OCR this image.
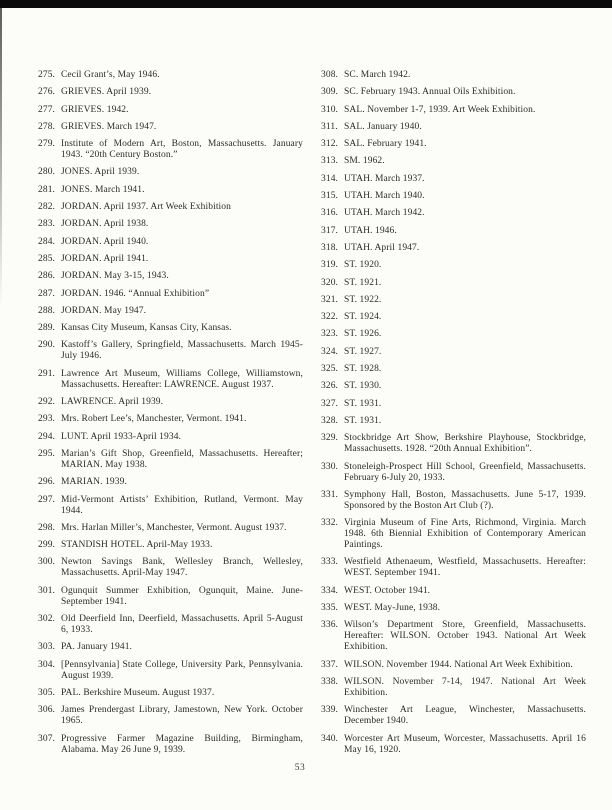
275. Cecil Grant’s, May 1946.
276. GRIEVES. April 1939.
277. GRIEVES. 1942.
278. GRIEVES. March 1947.
279. Institute of Modern Art, Boston, Massachusetts. January 1943. “20th Century Boston.”
280. JONES. April 1939.
281. JONES. March 1941.
282. JORDAN. April 1937. Art Week Exhibition
283. JORDAN. April 1938.
284. JORDAN. April 1940.
285. JORDAN. April 1941.
286. JORDAN. May 3-15, 1943.
287. JORDAN. 1946. “Annual Exhibition”
288. JORDAN. May 1947.
289. Kansas City Museum, Kansas City, Kansas.
290. Kastoff’s Gallery, Springfield, Massachusetts. March 1945-July 1946.
291. Lawrence Art Museum, Williams College, Williamstown, Massachusetts. Hereafter: LAWRENCE. August 1937.
292. LAWRENCE. April 1939.
293. Mrs. Robert Lee’s, Manchester, Vermont. 1941.
294. LUNT. April 1933-April 1934.
295. Marian’s Gift Shop, Greenfield, Massachusetts. Hereafter; MARIAN. May 1938.
296. MARIAN. 1939.
297. Mid-Vermont Artists’ Exhibition, Rutland, Vermont. May 1944.
298. Mrs. Harlan Miller’s, Manchester, Vermont. August 1937.
299. STANDISH HOTEL. April-May 1933.
300. Newton Savings Bank, Wellesley Branch, Wellesley, Massachusetts. April-May 1947.
301. Ogunquit Summer Exhibition, Ogunquit, Maine. June-September 1941.
302. Old Deerfield Inn, Deerfield, Massachusetts. April 5-August 6, 1933.
303. PA. January 1941.
304. [Pennsylvania] State College, University Park, Pennsylvania. August 1939.
305. PAL. Berkshire Museum. August 1937.
306. James Prendergast Library, Jamestown, New York. October 1965.
307. Progressive Farmer Magazine Building, Birmingham, Alabama. May 26 June 9, 1939.
308. SC. March 1942.
309. SC. February 1943. Annual Oils Exhibition.
310. SAL. November 1-7, 1939. Art Week Exhibition.
311. SAL. January 1940.
312. SAL. February 1941.
313. SM. 1962.
314. UTAH. March 1937.
315. UTAH. March 1940.
316. UTAH. March 1942.
317. UTAH. 1946.
318. UTAH. April 1947.
319. ST. 1920.
320. ST. 1921.
321. ST. 1922.
322. ST. 1924.
323. ST. 1926.
324. ST. 1927.
325. ST. 1928.
326. ST. 1930.
327. ST. 1931.
328. ST. 1931.
329. Stockbridge Art Show, Berkshire Playhouse, Stockbridge, Massachusetts. 1928. “20th Annual Exhibition”.
330. Stoneleigh-Prospect Hill School, Greenfield, Massachusetts. February 6-July 20, 1933.
331. Symphony Hall, Boston, Massachusetts. June 5-17, 1939. Sponsored by the Boston Art Club (?).
332. Virginia Museum of Fine Arts, Richmond, Virginia. March 1948. 6th Biennial Exhibition of Contemporary American Paintings.
333. Westfield Athenaeum, Westfield, Massachusetts. Hereafter: WEST. September 1941.
334. WEST. October 1941.
335. WEST. May-June, 1938.
336. Wilson’s Department Store, Greenfield, Massachusetts. Hereafter: WILSON. October 1943. National Art Week Exhibition.
337. WILSON. November 1944. National Art Week Exhibition.
338. WILSON. November 7-14, 1947. National Art Week Exhibition.
339. Winchester Art League, Winchester, Massachusetts. December 1940.
340. Worcester Art Museum, Worcester, Massachusetts. April 16 May 16, 1920.
53
